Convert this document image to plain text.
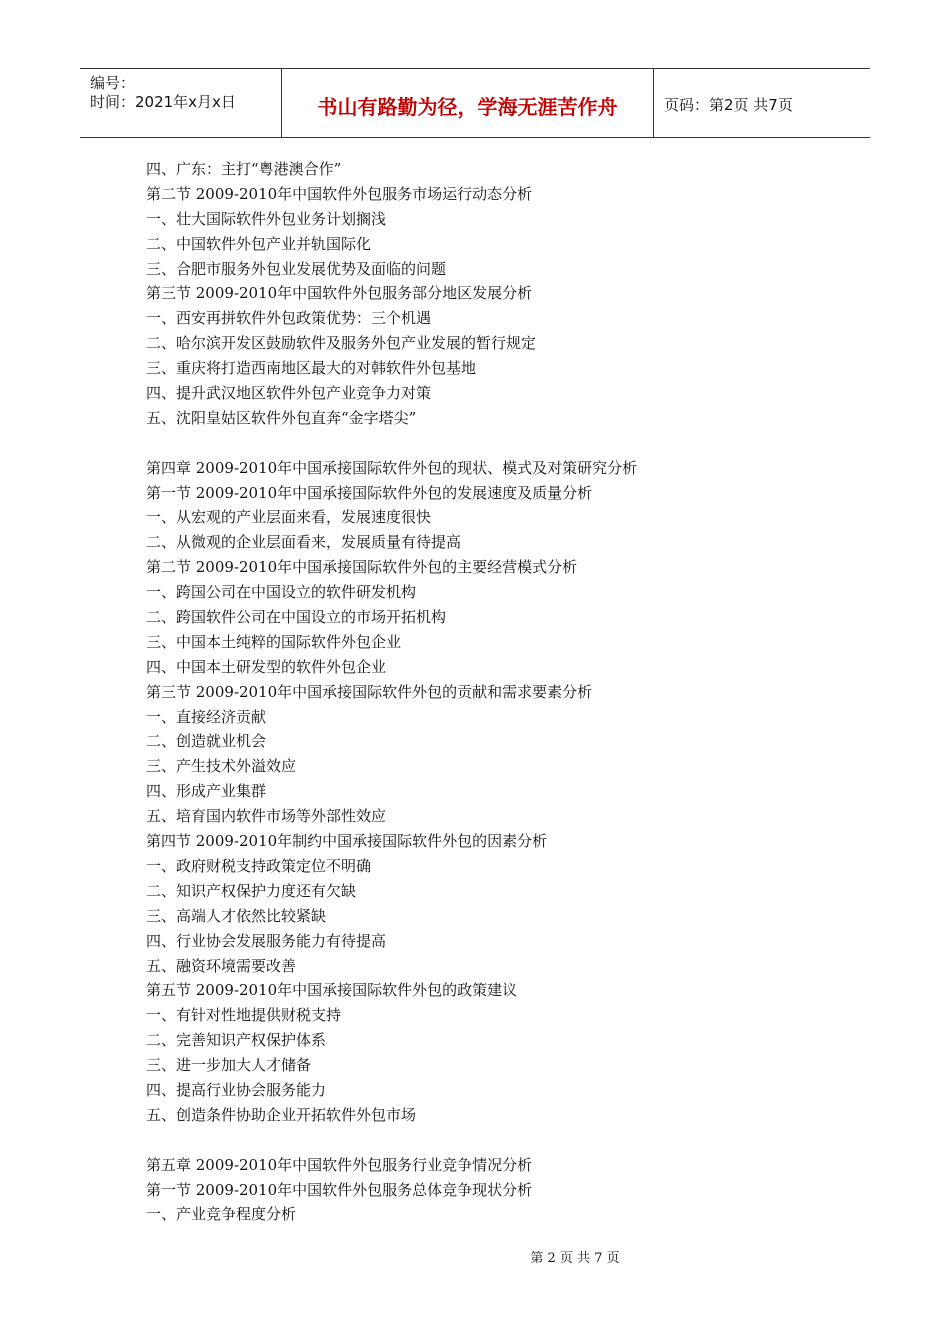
编号：
时间：2021年x月x日	书山有路勤为径，学海无涯苦作舟	页码：第2页 共7页
四、广东：主打“粤港澳合作”
第二节 2009-2010年中国软件外包服务市场运行动态分析
一、壮大国际软件外包业务计划搁浅
二、中国软件外包产业并轨国际化
三、合肥市服务外包业发展优势及面临的问题
第三节 2009-2010年中国软件外包服务部分地区发展分析
一、西安再拼软件外包政策优势：三个机遇
二、哈尔滨开发区鼓励软件及服务外包产业发展的暂行规定
三、重庆将打造西南地区最大的对韩软件外包基地
四、提升武汉地区软件外包产业竞争力对策
五、沈阳皇姑区软件外包直奔“金字塔尖”
第四章 2009-2010年中国承接国际软件外包的现状、模式及对策研究分析
第一节 2009-2010年中国承接国际软件外包的发展速度及质量分析
一、从宏观的产业层面来看，发展速度很快
二、从微观的企业层面看来，发展质量有待提高
第二节 2009-2010年中国承接国际软件外包的主要经营模式分析
一、跨国公司在中国设立的软件研发机构
二、跨国软件公司在中国设立的市场开拓机构
三、中国本土纯粹的国际软件外包企业
四、中国本土研发型的软件外包企业
第三节 2009-2010年中国承接国际软件外包的贡献和需求要素分析
一、直接经济贡献
二、创造就业机会
三、产生技术外溢效应
四、形成产业集群
五、培育国内软件市场等外部性效应
第四节 2009-2010年制约中国承接国际软件外包的因素分析
一、政府财税支持政策定位不明确
二、知识产权保护力度还有欠缺
三、高端人才依然比较紧缺
四、行业协会发展服务能力有待提高
五、融资环境需要改善
第五节 2009-2010年中国承接国际软件外包的政策建议
一、有针对性地提供财税支持
二、完善知识产权保护体系
三、进一步加大人才储备
四、提高行业协会服务能力
五、创造条件协助企业开拓软件外包市场
第五章 2009-2010年中国软件外包服务行业竞争情况分析
第一节 2009-2010年中国软件外包服务总体竞争现状分析
一、产业竞争程度分析
第 2 页 共 7 页
